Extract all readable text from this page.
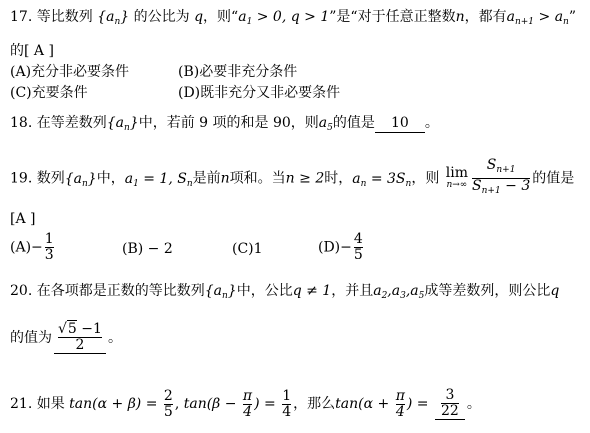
17. 等比数列 $\{a_n\}$ 的公比为 q，则“$a_1 > 0$, q > 1”是“对于任意正整数n，都有$a_{n+1} > a_n$”
的[ A ]
(A)充分非必要条件	(B)必要非充分条件
(C)充要条件	(D)既非充分又非必要条件
18. 在等差数列$\{a_n\}$中，若前 9 项的和是 90，则$a_5$的值是 10 。
19. 数列$\{a_n\}$中，$a_1 = 1$, $S_n$是前n项和。当n ≥ 2时，$a_n = 3S_n$，则 lim
$n\to\infty \frac{S_{n+1}}{S_{n+1} - 3}$ 的值是
[A ]
$(A)- \frac{1}{3}$	(B) − 2	(C)1	$(D)- \frac{4}{5}$
20. 在各项都是正数的等比数列$\{a_n\}$中，公比q ≠ 1，并且$a_2,a_3,a_5$成等差数列，则公比q
的值为 $\frac{√5 -1}{2}$ 。
21. 如果 $\tan(\alpha + \beta) = \frac{2}{5}$ , $\tan(\beta - \frac{\pi}{4}$ ) = $\frac{1}{4}$ ，那么$\tan(\alpha + \frac{\pi}{4}$ ) = $\frac{3}{22}$ 。
